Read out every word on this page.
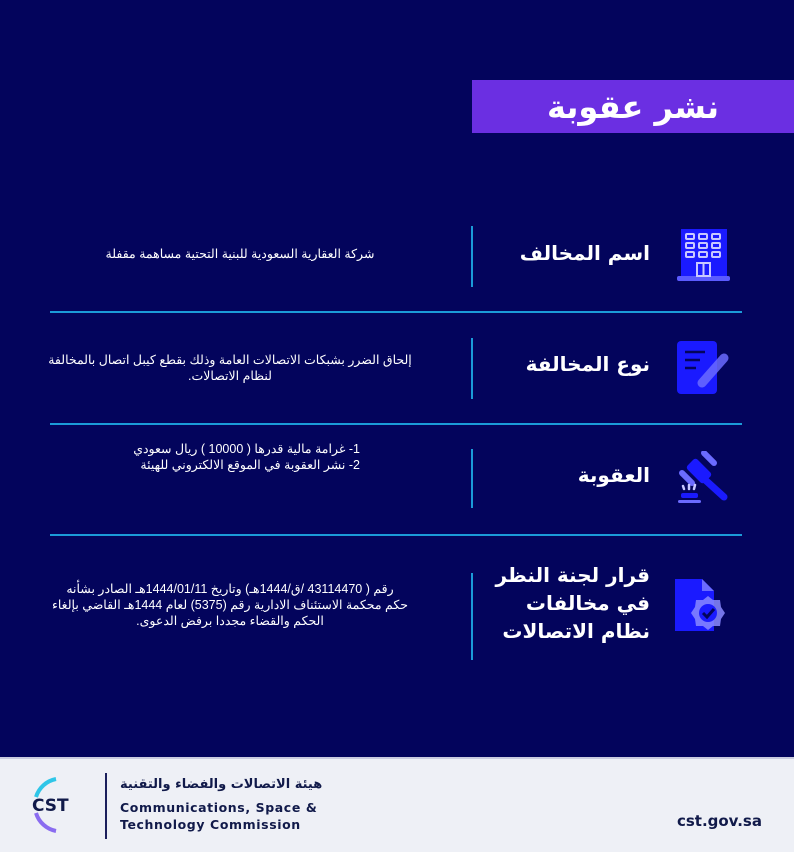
نشر عقوبة
اسم المخالف
شركة العقارية السعودية للبنية التحتية مساهمة مقفلة
نوع المخالفة
إلحاق الضرر بشبكات الاتصالات العامة وذلك بقطع كيبل اتصال بالمخالفة
لنظام الاتصالات.
العقوبة
1- غرامة مالية قدرها ( 10000 ) ريال سعودي
2- نشر العقوبة في الموقع الالكتروني للهيئة
قرار لجنة النظر
في مخالفات
نظام الاتصالات
رقم ( 43114470 /ق/1444هـ) وتاريخ 1444/01/11هـ الصادر بشأنه
حكم محكمة الاستئناف الادارية رقم (5375) لعام 1444هـ القاضي بإلغاء
الحكم والقضاء مجددا برفض الدعوى.
CST
هيئة الاتصالات والفضاء والتقنية
Communications, Space &
Technology Commission	cst.gov.sa
